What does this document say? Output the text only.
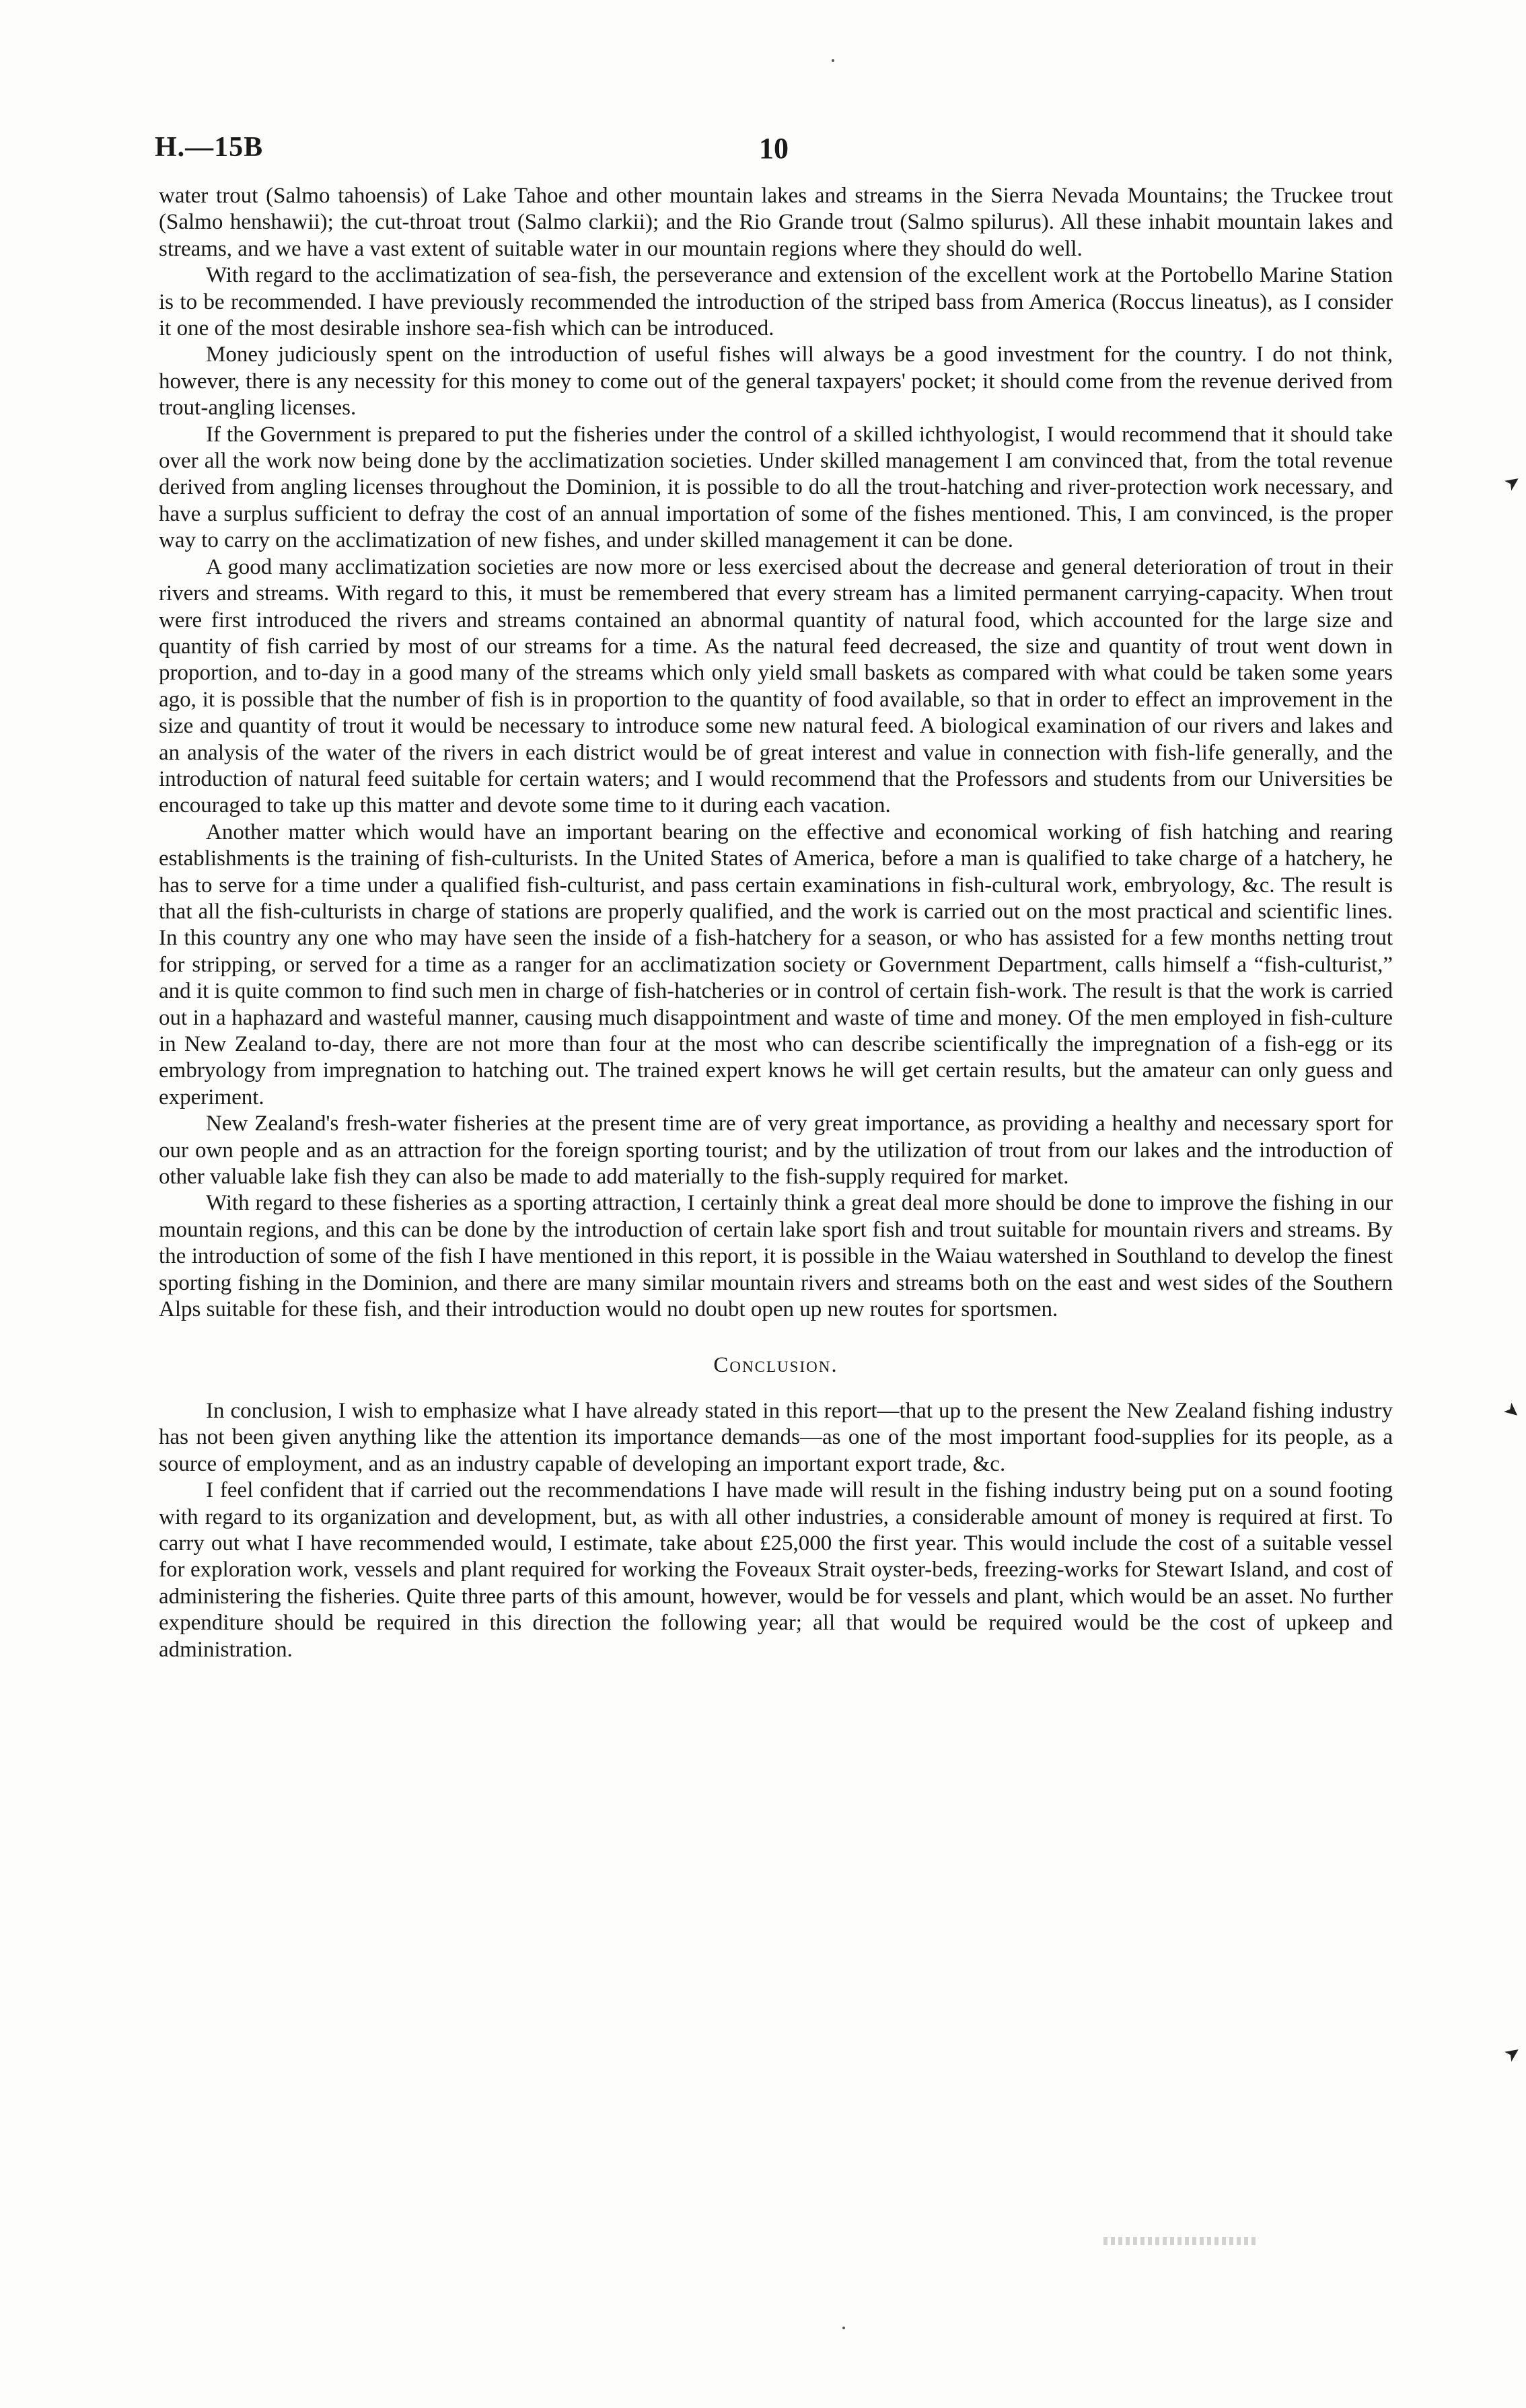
H.—15B	10

water trout (Salmo tahoensis) of Lake Tahoe and other mountain lakes and streams in the Sierra Nevada Mountains; the Truckee trout (Salmo henshawii); the cut-throat trout (Salmo clarkii); and the Rio Grande trout (Salmo spilurus). All these inhabit mountain lakes and streams, and we have a vast extent of suitable water in our mountain regions where they should do well.

With regard to the acclimatization of sea-fish, the perseverance and extension of the excellent work at the Portobello Marine Station is to be recommended. I have previously recommended the introduction of the striped bass from America (Roccus lineatus), as I consider it one of the most desirable inshore sea-fish which can be introduced.

Money judiciously spent on the introduction of useful fishes will always be a good investment for the country. I do not think, however, there is any necessity for this money to come out of the general taxpayers' pocket; it should come from the revenue derived from trout-angling licenses.

If the Government is prepared to put the fisheries under the control of a skilled ichthyologist, I would recommend that it should take over all the work now being done by the acclimatization societies. Under skilled management I am convinced that, from the total revenue derived from angling licenses throughout the Dominion, it is possible to do all the trout-hatching and river-protection work necessary, and have a surplus sufficient to defray the cost of an annual importation of some of the fishes mentioned. This, I am convinced, is the proper way to carry on the acclimatization of new fishes, and under skilled management it can be done.

A good many acclimatization societies are now more or less exercised about the decrease and general deterioration of trout in their rivers and streams. With regard to this, it must be remembered that every stream has a limited permanent carrying-capacity. When trout were first introduced the rivers and streams contained an abnormal quantity of natural food, which accounted for the large size and quantity of fish carried by most of our streams for a time. As the natural feed decreased, the size and quantity of trout went down in proportion, and to-day in a good many of the streams which only yield small baskets as compared with what could be taken some years ago, it is possible that the number of fish is in proportion to the quantity of food available, so that in order to effect an improvement in the size and quantity of trout it would be necessary to introduce some new natural feed. A biological examination of our rivers and lakes and an analysis of the water of the rivers in each district would be of great interest and value in connection with fish-life generally, and the introduction of natural feed suitable for certain waters; and I would recommend that the Professors and students from our Universities be encouraged to take up this matter and devote some time to it during each vacation.

Another matter which would have an important bearing on the effective and economical working of fish hatching and rearing establishments is the training of fish-culturists. In the United States of America, before a man is qualified to take charge of a hatchery, he has to serve for a time under a qualified fish-culturist, and pass certain examinations in fish-cultural work, embryology, &c. The result is that all the fish-culturists in charge of stations are properly qualified, and the work is carried out on the most practical and scientific lines. In this country any one who may have seen the inside of a fish-hatchery for a season, or who has assisted for a few months netting trout for stripping, or served for a time as a ranger for an acclimatization society or Government Department, calls himself a “fish-culturist,” and it is quite common to find such men in charge of fish-hatcheries or in control of certain fish-work. The result is that the work is carried out in a haphazard and wasteful manner, causing much disappointment and waste of time and money. Of the men employed in fish-culture in New Zealand to-day, there are not more than four at the most who can describe scientifically the impregnation of a fish-egg or its embryology from impregnation to hatching out. The trained expert knows he will get certain results, but the amateur can only guess and experiment.

New Zealand's fresh-water fisheries at the present time are of very great importance, as providing a healthy and necessary sport for our own people and as an attraction for the foreign sporting tourist; and by the utilization of trout from our lakes and the introduction of other valuable lake fish they can also be made to add materially to the fish-supply required for market.

With regard to these fisheries as a sporting attraction, I certainly think a great deal more should be done to improve the fishing in our mountain regions, and this can be done by the introduction of certain lake sport fish and trout suitable for mountain rivers and streams. By the introduction of some of the fish I have mentioned in this report, it is possible in the Waiau watershed in Southland to develop the finest sporting fishing in the Dominion, and there are many similar mountain rivers and streams both on the east and west sides of the Southern Alps suitable for these fish, and their introduction would no doubt open up new routes for sportsmen.

Conclusion.

In conclusion, I wish to emphasize what I have already stated in this report—that up to the present the New Zealand fishing industry has not been given anything like the attention its importance demands—as one of the most important food-supplies for its people, as a source of employment, and as an industry capable of developing an important export trade, &c.

I feel confident that if carried out the recommendations I have made will result in the fishing industry being put on a sound footing with regard to its organization and development, but, as with all other industries, a considerable amount of money is required at first. To carry out what I have recommended would, I estimate, take about £25,000 the first year. This would include the cost of a suitable vessel for exploration work, vessels and plant required for working the Foveaux Strait oyster-beds, freezing-works for Stewart Island, and cost of administering the fisheries. Quite three parts of this amount, however, would be for vessels and plant, which would be an asset. No further expenditure should be required in this direction the following year; all that would be required would be the cost of upkeep and administration.

➤
➤
➤
